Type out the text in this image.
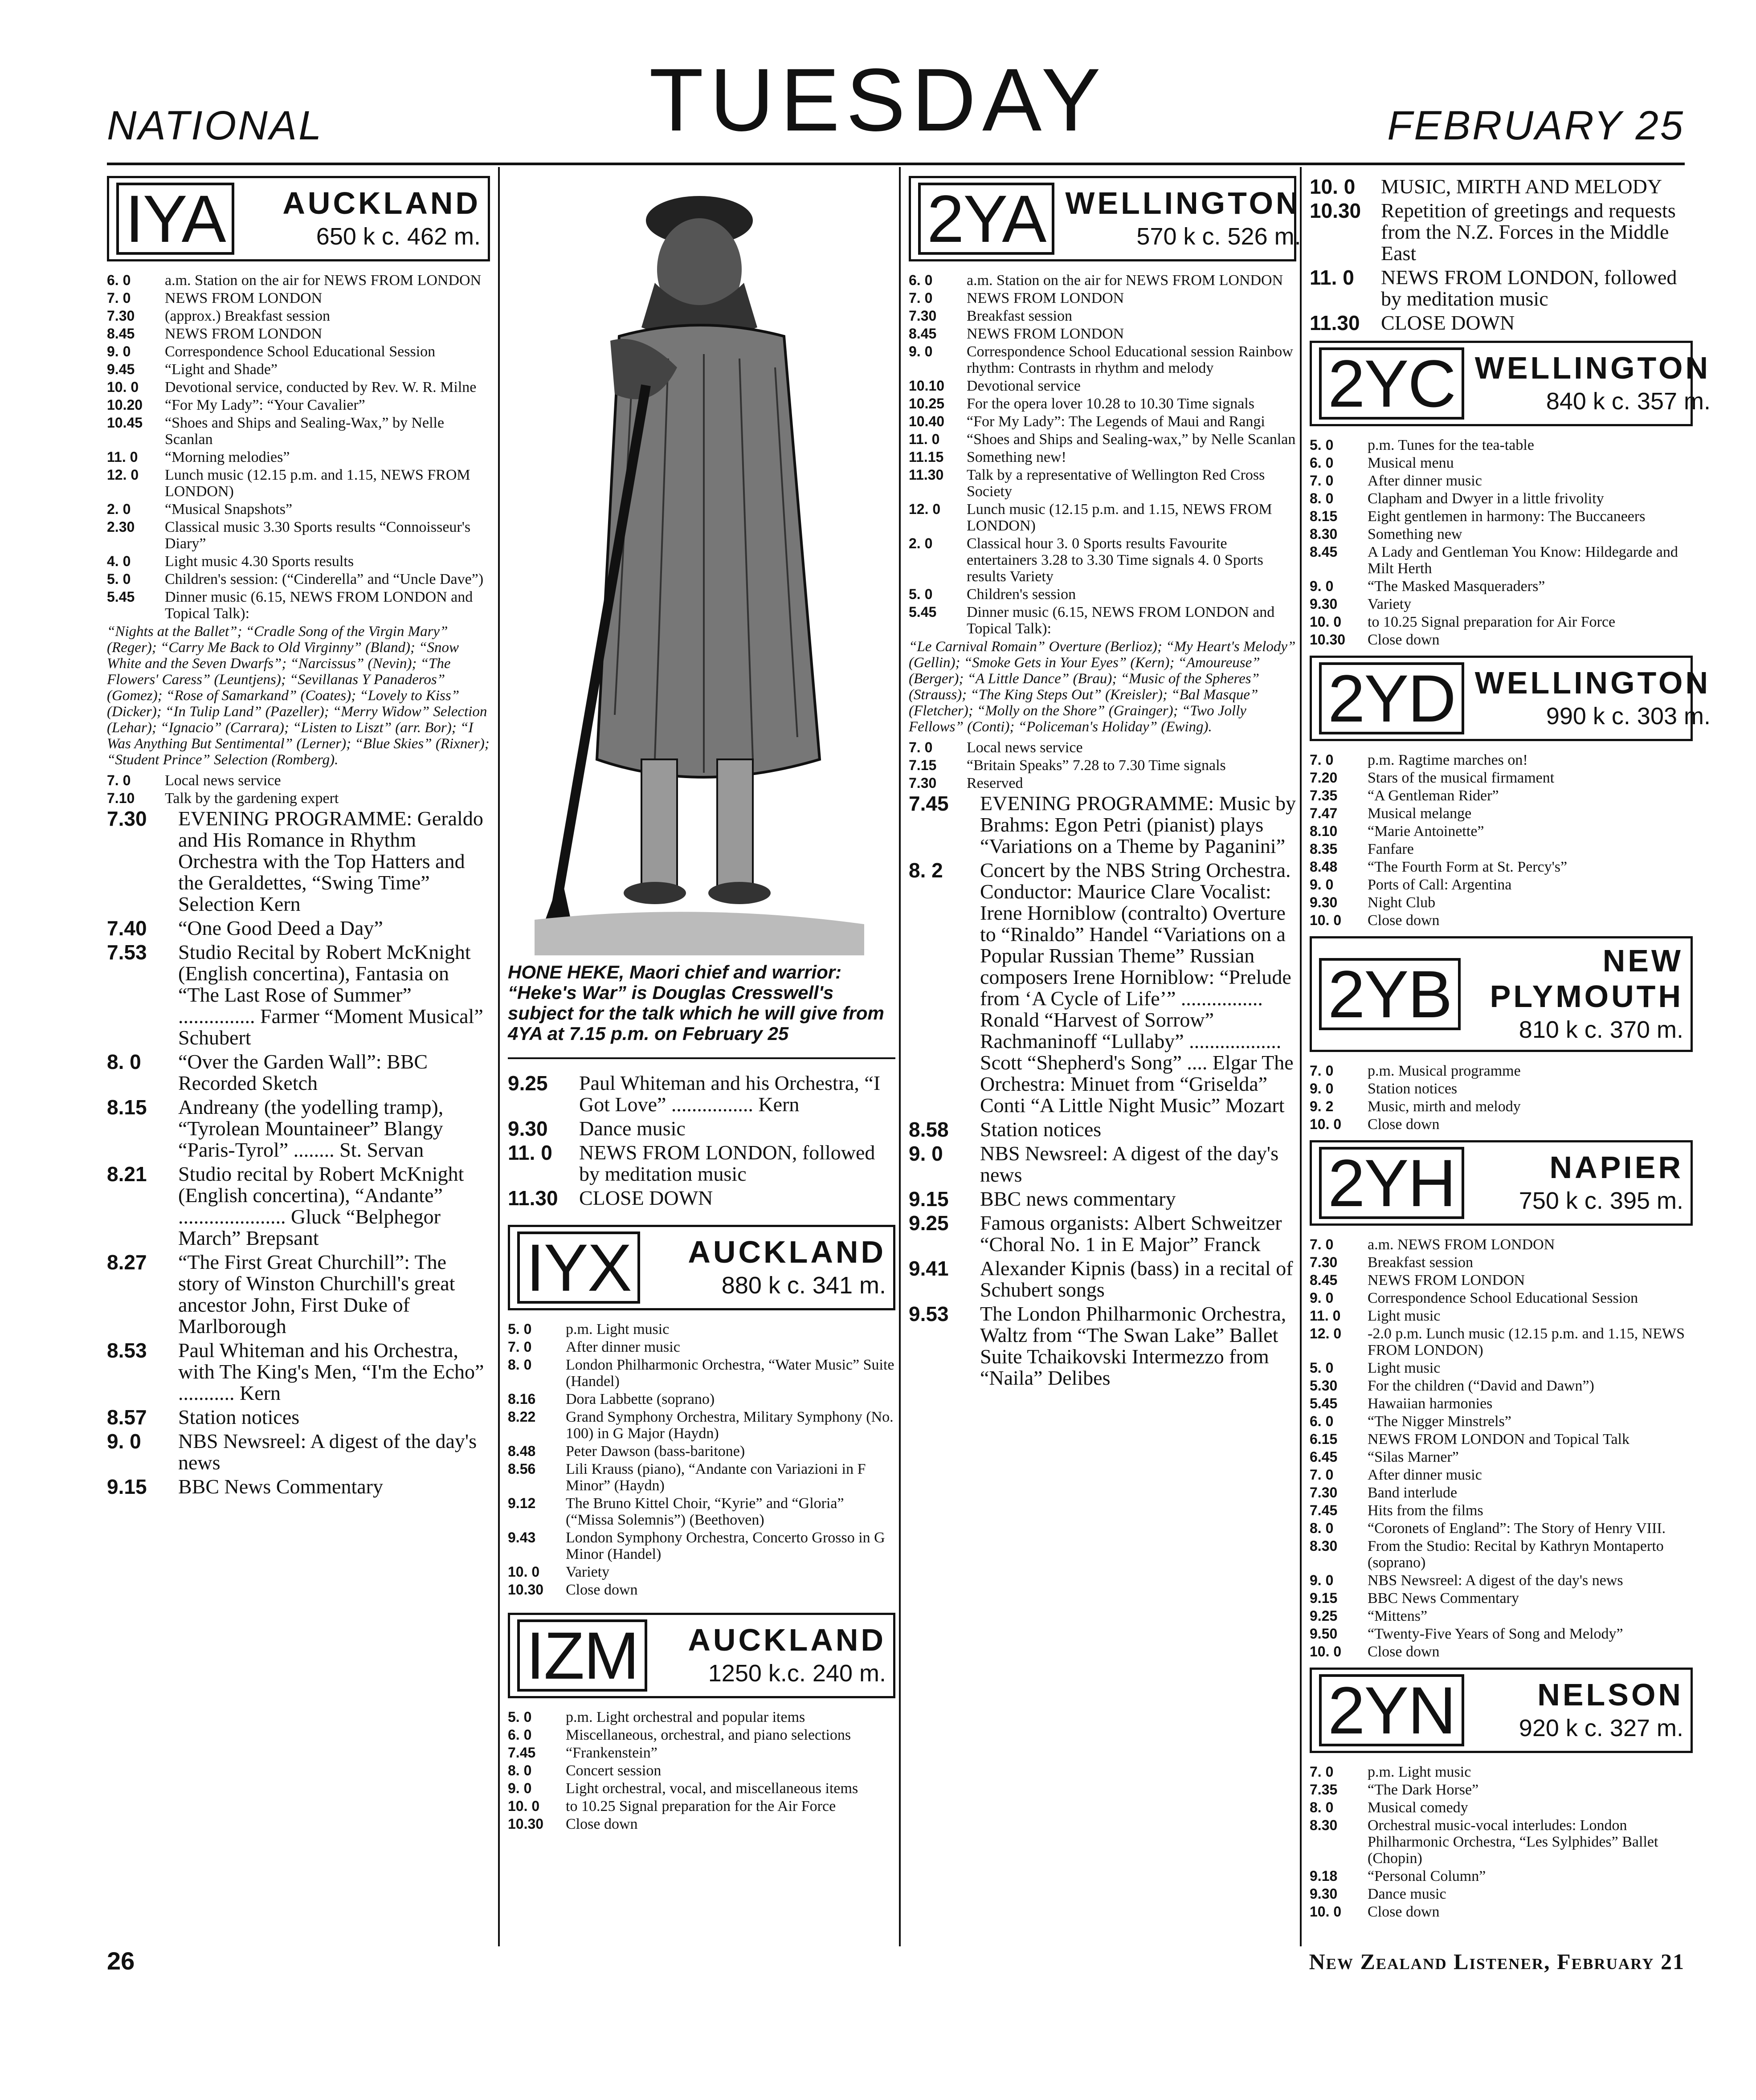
NATIONAL	TUESDAY	FEBRUARY 25
IYA	AUCKLAND
650 k c. 462 m.
6. 0	a.m. Station on the air for NEWS FROM LONDON
7. 0	NEWS FROM LONDON
7.30	(approx.) Breakfast session
8.45	NEWS FROM LONDON
9. 0	Correspondence School Educational Session
9.45	“Light and Shade”
10. 0	Devotional service, conducted by Rev. W. R. Milne
10.20	“For My Lady”: “Your Cavalier”
10.45	“Shoes and Ships and Sealing-Wax,” by Nelle Scanlan
11. 0	“Morning melodies”
12. 0	Lunch music (12.15 p.m. and 1.15, NEWS FROM LONDON)
2. 0	“Musical Snapshots”
2.30	Classical music 3.30 Sports results “Connoisseur's Diary”
4. 0	Light music 4.30 Sports results
5. 0	Children's session: (“Cinderella” and “Uncle Dave”)
5.45	Dinner music (6.15, NEWS FROM LONDON and Topical Talk):
“Nights at the Ballet”; “Cradle Song of the Virgin Mary” (Reger); “Carry Me Back to Old Virginny” (Bland); “Snow White and the Seven Dwarfs”; “Narcissus” (Nevin); “The Flowers' Caress” (Leuntjens); “Sevillanas Y Panaderos” (Gomez); “Rose of Samarkand” (Coates); “Lovely to Kiss” (Dicker); “In Tulip Land” (Pazeller); “Merry Widow” Selection (Lehar); “Ignacio” (Carrara); “Listen to Liszt” (arr. Bor); “I Was Anything But Sentimental” (Lerner); “Blue Skies” (Rixner); “Student Prince” Selection (Romberg).
7. 0	Local news service
7.10	Talk by the gardening expert
7.30	EVENING PROGRAMME: Geraldo and His Romance in Rhythm Orchestra with the Top Hatters and the Geraldettes, “Swing Time” Selection Kern
7.40	“One Good Deed a Day”
7.53	Studio Recital by Robert McKnight (English concertina), Fantasia on “The Last Rose of Summer” ............... Farmer “Moment Musical” Schubert
8. 0	“Over the Garden Wall”: BBC Recorded Sketch
8.15	Andreany (the yodelling tramp), “Tyrolean Mountaineer” Blangy “Paris-Tyrol” ........ St. Servan
8.21	Studio recital by Robert McKnight (English concertina), “Andante” ..................... Gluck “Belphegor March” Brepsant
8.27	“The First Great Churchill”: The story of Winston Churchill's great ancestor John, First Duke of Marlborough
8.53	Paul Whiteman and his Orchestra, with The King's Men, “I'm the Echo” ........... Kern
8.57	Station notices
9. 0	NBS Newsreel: A digest of the day's news
9.15	BBC News Commentary
HONE HEKE, Maori chief and warrior: “Heke's War” is Douglas Cresswell's subject for the talk which he will give from 4YA at 7.15 p.m. on February 25
9.25	Paul Whiteman and his Orchestra, “I Got Love” ................ Kern
9.30	Dance music
11. 0	NEWS FROM LONDON, followed by meditation music
11.30	CLOSE DOWN
IYX	AUCKLAND
880 k c. 341 m.
5. 0	p.m. Light music
7. 0	After dinner music
8. 0	London Philharmonic Orchestra, “Water Music” Suite (Handel)
8.16	Dora Labbette (soprano)
8.22	Grand Symphony Orchestra, Military Symphony (No. 100) in G Major (Haydn)
8.48	Peter Dawson (bass-baritone)
8.56	Lili Krauss (piano), “Andante con Variazioni in F Minor” (Haydn)
9.12	The Bruno Kittel Choir, “Kyrie” and “Gloria” (“Missa Solemnis”) (Beethoven)
9.43	London Symphony Orchestra, Concerto Grosso in G Minor (Handel)
10. 0	Variety
10.30	Close down
IZM	AUCKLAND
1250 k.c. 240 m.
5. 0	p.m. Light orchestral and popular items
6. 0	Miscellaneous, orchestral, and piano selections
7.45	“Frankenstein”
8. 0	Concert session
9. 0	Light orchestral, vocal, and miscellaneous items
10. 0	to 10.25 Signal preparation for the Air Force
10.30	Close down
2YA WELLINGTON
570 k c. 526 m.
6. 0	a.m. Station on the air for NEWS FROM LONDON
7. 0	NEWS FROM LONDON
7.30	Breakfast session
8.45	NEWS FROM LONDON
9. 0	Correspondence School Educational session Rainbow rhythm: Contrasts in rhythm and melody
10.10	Devotional service
10.25	For the opera lover 10.28 to 10.30 Time signals
10.40	“For My Lady”: The Legends of Maui and Rangi
11. 0	“Shoes and Ships and Sealing-wax,” by Nelle Scanlan
11.15	Something new!
11.30	Talk by a representative of Wellington Red Cross Society
12. 0	Lunch music (12.15 p.m. and 1.15, NEWS FROM LONDON)
2. 0	Classical hour 3. 0 Sports results Favourite entertainers 3.28 to 3.30 Time signals 4. 0 Sports results Variety
5. 0	Children's session
5.45	Dinner music (6.15, NEWS FROM LONDON and Topical Talk):
“Le Carnival Romain” Overture (Berlioz); “My Heart's Melody” (Gellin); “Smoke Gets in Your Eyes” (Kern); “Amoureuse” (Berger); “A Little Dance” (Brau); “Music of the Spheres” (Strauss); “The King Steps Out” (Kreisler); “Bal Masque” (Fletcher); “Molly on the Shore” (Grainger); “Two Jolly Fellows” (Conti); “Policeman's Holiday” (Ewing).
7. 0	Local news service
7.15	“Britain Speaks” 7.28 to 7.30 Time signals
7.30	Reserved
7.45	EVENING PROGRAMME: Music by Brahms: Egon Petri (pianist) plays “Variations on a Theme by Paganini”
8. 2	Concert by the NBS String Orchestra. Conductor: Maurice Clare Vocalist: Irene Horniblow (contralto) Overture to “Rinaldo” Handel “Variations on a Popular Russian Theme” Russian composers Irene Horniblow: “Prelude from ‘A Cycle of Life’” ................ Ronald “Harvest of Sorrow” Rachmaninoff “Lullaby” .................. Scott “Shepherd's Song” .... Elgar The Orchestra: Minuet from “Griselda” Conti “A Little Night Music” Mozart
8.58	Station notices
9. 0	NBS Newsreel: A digest of the day's news
9.15	BBC news commentary
9.25	Famous organists: Albert Schweitzer “Choral No. 1 in E Major” Franck
9.41	Alexander Kipnis (bass) in a recital of Schubert songs
9.53	The London Philharmonic Orchestra, Waltz from “The Swan Lake” Ballet Suite Tchaikovski Intermezzo from “Naila” Delibes
10. 0	MUSIC, MIRTH AND MELODY
10.30 Repetition of greetings and requests from the N.Z. Forces in the Middle East
11. 0	NEWS FROM LONDON, followed by meditation music
11.30	CLOSE DOWN
2YC WELLINGTON
840 k c. 357 m.
5. 0	p.m. Tunes for the tea-table
6. 0	Musical menu
7. 0	After dinner music
8. 0	Clapham and Dwyer in a little frivolity
8.15	Eight gentlemen in harmony: The Buccaneers
8.30	Something new
8.45	A Lady and Gentleman You Know: Hildegarde and Milt Herth
9. 0	“The Masked Masqueraders”
9.30	Variety
10. 0	to 10.25 Signal preparation for Air Force
10.30	Close down
2YD WELLINGTON
990 k c. 303 m.
7. 0	p.m. Ragtime marches on!
7.20	Stars of the musical firmament
7.35	“A Gentleman Rider”
7.47	Musical melange
8.10	“Marie Antoinette”
8.35	Fanfare
8.48	“The Fourth Form at St. Percy's”
9. 0	Ports of Call: Argentina
9.30	Night Club
10. 0	Close down
2YB	NEW PLYMOUTH
810 k c. 370 m.
7. 0	p.m. Musical programme
9. 0	Station notices
9. 2	Music, mirth and melody
10. 0	Close down
2YH	NAPIER
750 k c. 395 m.
7. 0	a.m. NEWS FROM LONDON
7.30	Breakfast session
8.45	NEWS FROM LONDON
9. 0	Correspondence School Educational Session
11. 0	Light music
12. 0	-2.0 p.m. Lunch music (12.15 p.m. and 1.15, NEWS FROM LONDON)
5. 0	Light music
5.30	For the children (“David and Dawn”)
5.45	Hawaiian harmonies
6. 0	“The Nigger Minstrels”
6.15	NEWS FROM LONDON and Topical Talk
6.45	“Silas Marner”
7. 0	After dinner music
7.30	Band interlude
7.45	Hits from the films
8. 0	“Coronets of England”: The Story of Henry VIII.
8.30	From the Studio: Recital by Kathryn Montaperto (soprano)
9. 0	NBS Newsreel: A digest of the day's news
9.15	BBC News Commentary
9.25	“Mittens”
9.50	“Twenty-Five Years of Song and Melody”
10. 0	Close down
2YN	NELSON
920 k c. 327 m.
7. 0	p.m. Light music
7.35	“The Dark Horse”
8. 0	Musical comedy
8.30	Orchestral music-vocal interludes: London Philharmonic Orchestra, “Les Sylphides” Ballet (Chopin)
9.18	“Personal Column”
9.30	Dance music
10. 0	Close down
26	New Zealand Listener, February 21
